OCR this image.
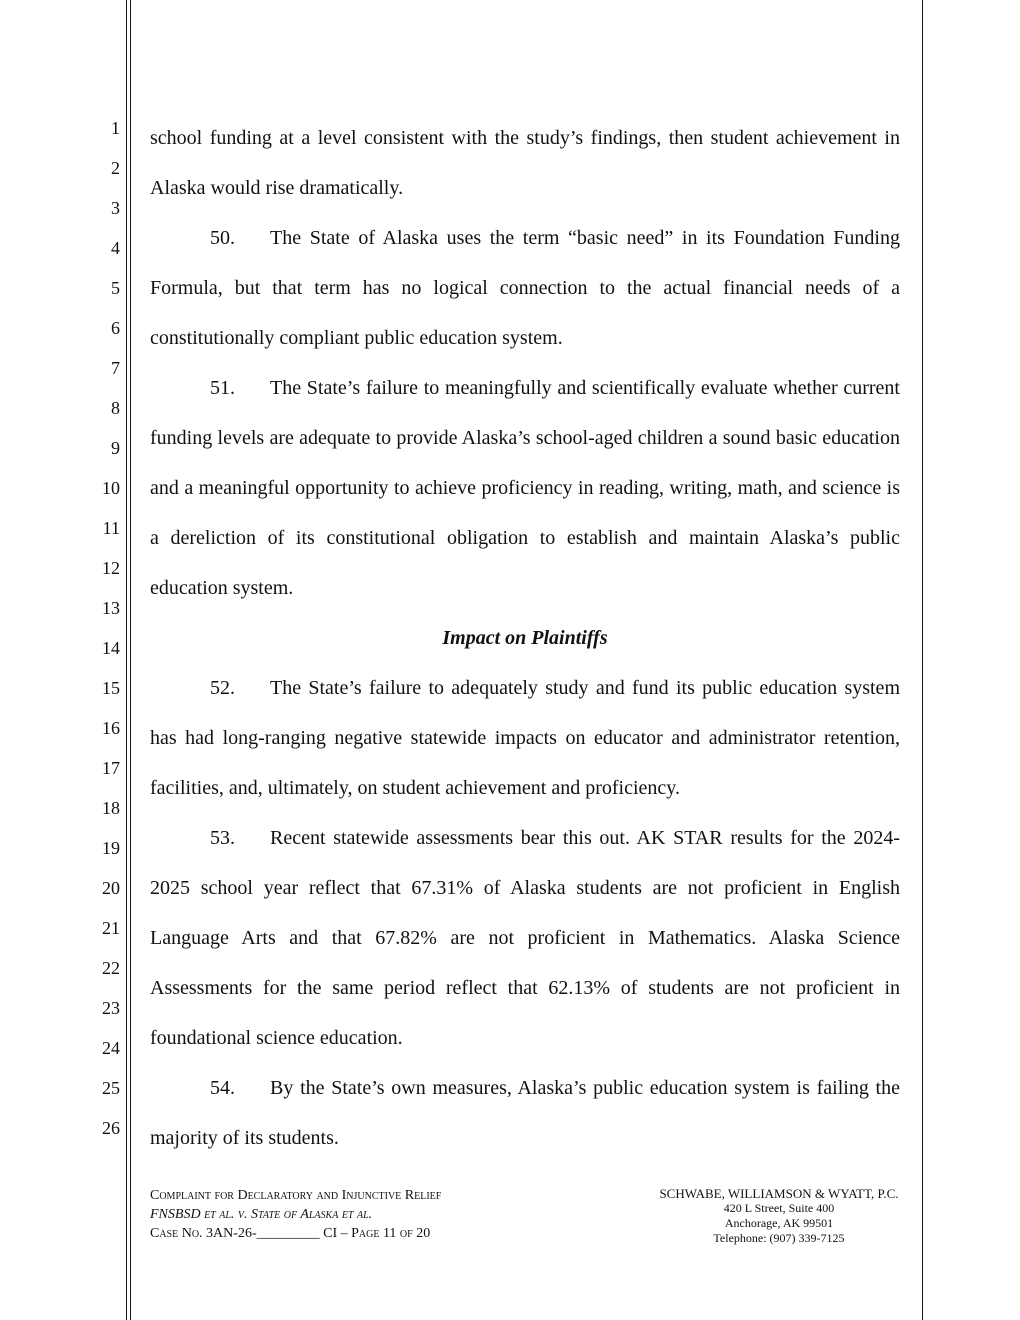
1
2
3
4
5
6
7
8
9
10
11
12
13
14
15
16
17
18
19
20
21
22
23
24
25
26

school funding at a level consistent with the study’s findings, then student achievement in Alaska would rise dramatically.

50. The State of Alaska uses the term “basic need” in its Foundation Funding Formula, but that term has no logical connection to the actual financial needs of a constitutionally compliant public education system.

51. The State’s failure to meaningfully and scientifically evaluate whether current funding levels are adequate to provide Alaska’s school-aged children a sound basic education and a meaningful opportunity to achieve proficiency in reading, writing, math, and science is a dereliction of its constitutional obligation to establish and maintain Alaska’s public education system.

Impact on Plaintiffs

52. The State’s failure to adequately study and fund its public education system has had long-ranging negative statewide impacts on educator and administrator retention, facilities, and, ultimately, on student achievement and proficiency.

53. Recent statewide assessments bear this out. AK STAR results for the 2024-2025 school year reflect that 67.31% of Alaska students are not proficient in English Language Arts and that 67.82% are not proficient in Mathematics. Alaska Science Assessments for the same period reflect that 62.13% of students are not proficient in foundational science education.

54. By the State’s own measures, Alaska’s public education system is failing the majority of its students.

Complaint for Declaratory and Injunctive Relief
FNSBSD et al. v. State of Alaska et al.
Case No. 3AN-26-_________ CI – Page 11 of 20
SCHWABE, WILLIAMSON & WYATT, P.C.
420 L Street, Suite 400
Anchorage, AK 99501
Telephone: (907) 339-7125
